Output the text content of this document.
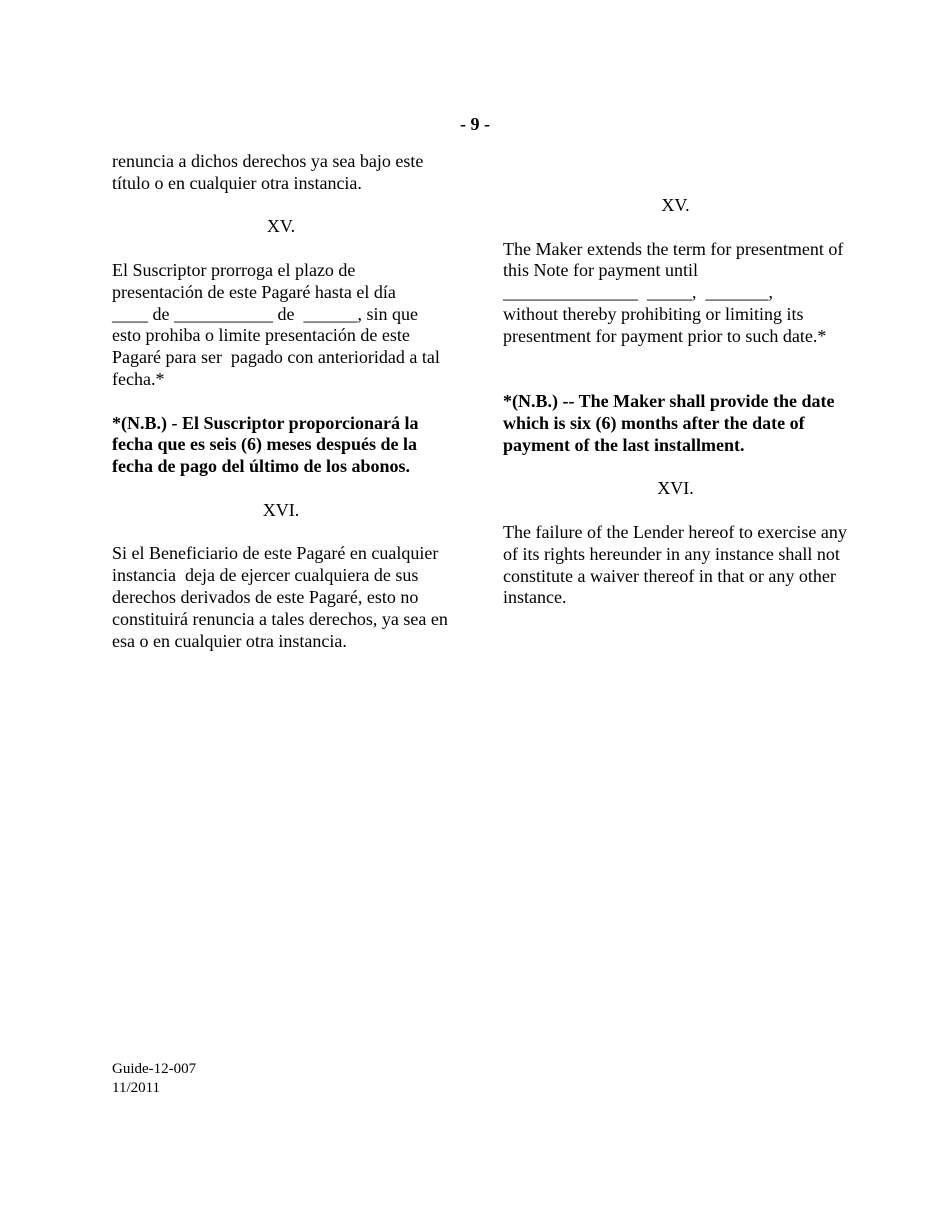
- 9 -

renuncia a dichos derechos ya sea bajo este título o en cualquier otra instancia.

XV.

El Suscriptor prorroga el plazo de presentación de este Pagaré hasta el día
____ de ___________ de  ______, sin que esto prohiba o limite presentación de este Pagaré para ser  pagado con anterioridad a tal fecha.*

*(N.B.) - El Suscriptor proporcionará la fecha que es seis (6) meses después de la fecha de pago del último de los abonos.

XVI.

Si el Beneficiario de este Pagaré en cualquier instancia  deja de ejercer cualquiera de sus derechos derivados de este Pagaré, esto no  constituirá renuncia a tales derechos, ya sea en esa o en cualquier otra instancia.

XV.

The Maker extends the term for presentment of this Note for payment until
_______________  _____,  _______,
without thereby prohibiting or limiting its presentment for payment prior to such date.*

*(N.B.) -- The Maker shall provide the date which is six (6) months after the date of payment of the last installment.

XVI.

The failure of the Lender hereof to exercise any of its rights hereunder in any instance shall not constitute a waiver thereof in that or any other instance.

Guide-12-007

11/2011
